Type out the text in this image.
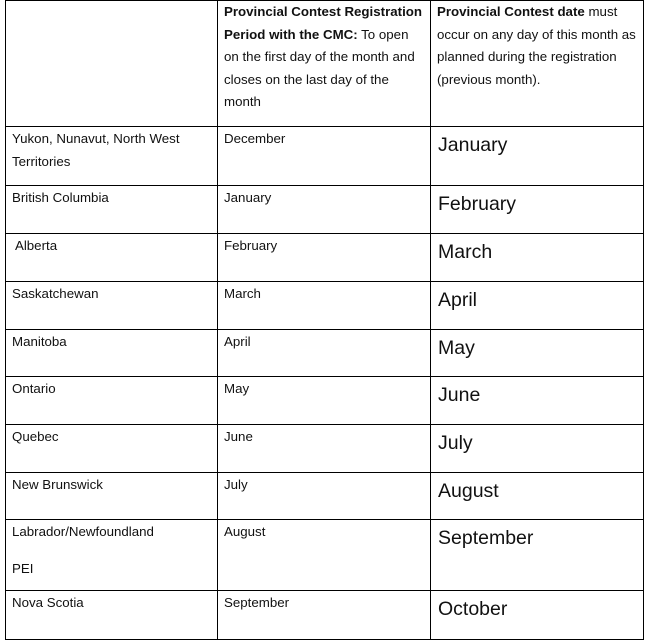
	Provincial Contest Registration Period with the CMC: To open on the first day of the month and closes on the last day of the month	Provincial Contest date must occur on any day of this month as planned during the registration (previous month).

Yukon, Nunavut, North West Territories	December	January

British Columbia	January	February

Alberta	February	March

Saskatchewan	March	April

Manitoba	April	May

Ontario	May	June

Quebec	June	July

New Brunswick	July	August

Labrador/Newfoundland
PEI	August	September

Nova Scotia	September	October
